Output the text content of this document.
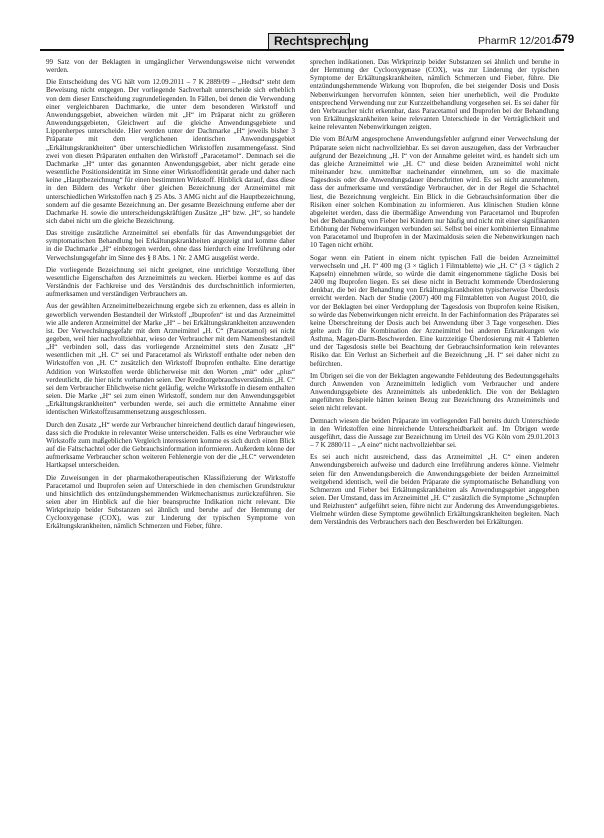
Rechtsprechung	PharmR 12/2014
579

99 Satz von der Beklagten in umgänglicher Verwendungsweise nicht verwendet werden.

Die Entscheidung des VG hält vom 12.09.2011 – 7 K 2889/09 – „Hedtsd“ steht dem Beweisung nicht entgegen. Der vorliegende Sachverhalt unterscheide sich erheblich von dem dieser Entscheidung zugrundeliegenden. In Fällen, bei denen die Verwendung einer vergleichbaren Dachmarke, die unter dem besonderen Wirkstoff und Anwendungsgebiet, abweichen würden mit „H“ im Präparat nicht zu größeren Anwendungsgebieten, Gleichwert auf die gleiche Anwendungsgebiete und Lippenherpes unterscheide. Hier werden unter der Dachmarke „H“ jeweils bisher 3 Präparate mit dem verglichenen identischen Anwendungsgebiet „Erkältungskrankheiten“ über unterschiedlichen Wirkstoffen zusammengefasst. Sind zwei von diesen Präparaten enthalten den Wirkstoff „Paracetamol“. Demnach sei die Dachmarke „H“ unter das genannten Anwendungsgebiet, aber nicht gerade eine wesentliche Positionsidentität im Sinne einer Wirkstoffidentität gerade und daher nach keine „Hauptbezeichnung“ für einen bestimmten Wirkstoff. Hinblick darauf, dass diese in den Bildern des Verkehr über gleichen Bezeichnung der Arzneimittel mit unterschiedlichen Wirkstoffen nach § 25 Abs. 3 AMG nicht auf die Hauptbezeichnung, sondern auf die gesamte Bezeichnung an. Der gesamte Bezeichnung entferne aber der Dachmarke H. sowie die unterscheidungskräftigen Zusätze „H“ bzw. „H“, so handele sich dabei nicht um die gleiche Bezeichnung.

Das streitige zusätzliche Arzneimittel sei ebenfalls für das Anwendungsgebiet der symptomatischen Behandlung bei Erkältungskrankheiten angezeigt und komme daher in die Dachmarke „H“ einbezogen werden, ohne dass hierdurch eine Irreführung oder Verwechslungsgefahr im Sinne des § 8 Abs. 1 Nr. 2 AMG ausgelöst werde.

Die vorliegende Bezeichnung sei nicht geeignet, eine unrichtige Vorstellung über wesentliche Eigenschaften des Arzneimittels zu wecken. Hierbei komme es auf das Verständnis der Fachkreise und des Verständnis des durchschnittlich informierten, aufmerksamen und verständigen Verbrauchers an.

Aus der gewählten Arzneimittelbezeichnung ergebe sich zu erkennen, dass es allein in gewerblich verwenden Bestandteil der Wirkstoff „Ibuprofen“ ist und das Arzneimittel wie alle anderen Arzneimittel der Marke „H“ – bei Erkältungskrankheiten anzuwenden ist. Der Verwechslungsgefahr mit dem Arzneimittel „H. C“ (Paracetamol) sei nicht gegeben, weil hier nachvollziehbar, wieso der Verbraucher mit dem Namensbestandteil „H“ verbinden soll, dass das vorliegende Arzneimittel stets den Zusatz „H“ wesentlichen mit „H. C“ sei und Paracetamol als Wirkstoff enthalte oder neben den Wirkstoffen von „H. C“ zusätzlich den Wirkstoff Ibuprofen enthalte. Eine derartige Addition von Wirkstoffen werde üblicherweise mit den Worten „mit“ oder „plus“ verdeutlicht, die hier nicht vorhanden seien. Der Kreditorgebrauchsverständnis „H. C“ sei dem Verbraucher Ehlichweise nicht geläufig, welche Wirkstoffe in diesem enthalten seien. Die Marke „H“ sei zum einen Wirkstoff, sondern nur den Anwendungsgebiet „Erkältungskrankheiten“ verbunden werde, sei auch die ermittelte Annahme einer identischen Wirkstoffzusammensetzung ausgeschlossen.

Durch den Zusatz „H“ werde zur Verbraucher hinreichend deutlich darauf hingewiesen, dass sich die Produkte in relevanter Weise unterscheiden. Falls es eine Verbraucher wie Wirkstoffe zum maßgeblichen Vergleich interessieren komme es sich durch einen Blick auf die Faltschachtel oder die Gebrauchsinformation informieren. Außerdem könne der aufmerksame Verbraucher schon weiteren Fehlenergie von der die „H.C“ verwendeten Hartkapsel unterscheiden.

Die Zuweisungen in der pharmakotherapeutischen Klassifizierung der Wirkstoffe Paracetamol und Ibuprofen seien auf Unterschiede in den chemischen Grundstruktur und hinsichtlich des entzündungshemmenden Wirkmechanismus zurückzuführen. Sie seien aber im Hinblick auf die hier beanspruchte Indikation nicht relevant. Die Wirkprinzip beider Substanzen sei ähnlich und beruhe auf der Hemmung der Cyclooxygenase (COX), was zur Linderung der typischen Symptome von Erkältungskrankheiten, nämlich Schmerzen und Fieber, führe.

sprechen indikationen. Das Wirkprinzip beider Substanzen sei ähnlich und beruhe in der Hemmung der Cyclooxygenase (COX), was zur Linderung der typischen Symptome der Erkältungskrankheiten, nämlich Schmerzen und Fieber, führe. Die entzündungshemmende Wirkung von Ibuprofen, die bei steigender Dosis und Dosis Nebenwirkungen hervorrufen könnten, seien hier unerheblich, weil die Produkte entsprechend Verwendung nur zur Kurzzeitbehandlung vorgesehen sei. Es sei daher für den Verbraucher nicht erkennbar, dass Paracetamol und Ibuprofen bei der Behandlung von Erkältungskrankheiten keine relevanten Unterschiede in der Verträglichkeit und keine relevanten Nebenwirkungen zeigten.

Die vom BfArM angesprochene Anwendungsfehler aufgrund einer Verwechslung der Präparate seien nicht nachvollziehbar. Es sei davon auszugehen, dass der Verbraucher aufgrund der Bezeichnung „H. I“ von der Annahme geleitet wird, es handelt sich um das gleiche Arzneimittel wie „H. C“ und diese beiden Arzneimittel wohl nicht miteinander bzw. unmittelbar nacheinander einnehmen, um so die maximale Tagesdosis oder die Anwendungsdauer überschritten wird. Es sei nicht anzunehmen, dass der aufmerksame und verständige Verbraucher, der in der Regel die Schachtel liest, die Bezeichnung vergleicht. Ein Blick in die Gebrauchsinformation über die Risiken einer solchen Kombination zu informieren. Aus klinischen Studien könne abgeleitet werden, dass die übermäßige Anwendung von Paracetamol und Ibuprofen bei der Behandlung von Fieber bei Kindern nur häufig und nicht mit einer signifikanten Erhöhung der Nebenwirkungen verbunden sei. Selbst bei einer kombinierten Einnahme von Paracetamol und Ibuprofen in der Maximaldosis seien die Nebenwirkungen nach 10 Tagen nicht erhöht.

Sogar wenn ein Patient in einem nicht typischen Fall die beiden Arzneimittel verwechseln und „H. I“ 400 mg (3 × täglich 1 Filmtablette) wie „H. C“ (3 × täglich 2 Kapseln) einnehmen würde, so würde die damit eingenommene tägliche Dosis bei 2400 mg Ibuprofen liegen. Es sei diese nicht in Betracht kommende Überdosierung denkbar, die bei der Behandlung von Erkältungskrankheiten typischerweise Überdosis erreicht werden. Nach der Studie (2007) 400 mg Filmtabletten von August 2010, die vor der Beklagten bei einer Verdopplung der Tagesdosis von Ibuprofen keine Risiken, so würde das Nebenwirkungen nicht erreicht. In der Fachinformation des Präparates sei keine Überschreitung der Dosis auch bei Anwendung über 3 Tage vorgesehen. Dies gelte auch für die Kombination der Arzneimittel bei anderen Erkrankungen wie Asthma, Magen-Darm-Beschwerden. Eine kurzzeitige Überdosierung mit 4 Tabletten und der Tagesdosis stelle bei Beachtung der Gebrauchsinformation kein relevantes Risiko dar. Ein Verlust an Sicherheit auf die Bezeichnung „H. I“ sei daher nicht zu befürchten.

Im Übrigen sei die von der Beklagten angewandte Fehldeutung des Bedeutungsgehalts durch Anwenden von Arzneimitteln lediglich vom Verbraucher und andere Anwendungsgebiete des Arzneimittels als unbedenklich. Die von der Beklagten angeführten Beispiele hätten keinen Bezug zur Bezeichnung des Arzneimittels und seien nicht relevant.

Demnach wiesen die beiden Präparate im vorliegenden Fall bereits durch Unterschiede in den Wirkstoffen eine hinreichende Unterscheidbarkeit auf. Im Übrigen werde ausgeführt, dass die Aussage zur Bezeichnung im Urteil des VG Köln vom 29.01.2013 – 7 K 2880/11 – „A eine“ nicht nachvollziehbar sei.

Es sei auch nicht ausreichend, dass das Arzneimittel „H. C“ einen anderen Anwendungsbereich aufweise und dadurch eine Irreführung anderes könne. Vielmehr seien für den Anwendungsbereich die Anwendungsgebiete der beiden Arzneimittel weitgehend identisch, weil die beiden Präparate die symptomatische Behandlung von Schmerzen und Fieber bei Erkältungskrankheiten als Anwendungsgebiet angegeben seien. Der Umstand, dass im Arzneimittel „H. C“ zusätzlich die Symptome „Schnupfen und Reizhusten“ aufgeführt seien, führe nicht zur Änderung des Anwendungsgebietes. Vielmehr würden diese Symptome gewöhnlich Erkältungskrankheiten begleiten. Nach dem Verständnis des Verbrauchers nach den Beschwerden bei Erkältungen.
